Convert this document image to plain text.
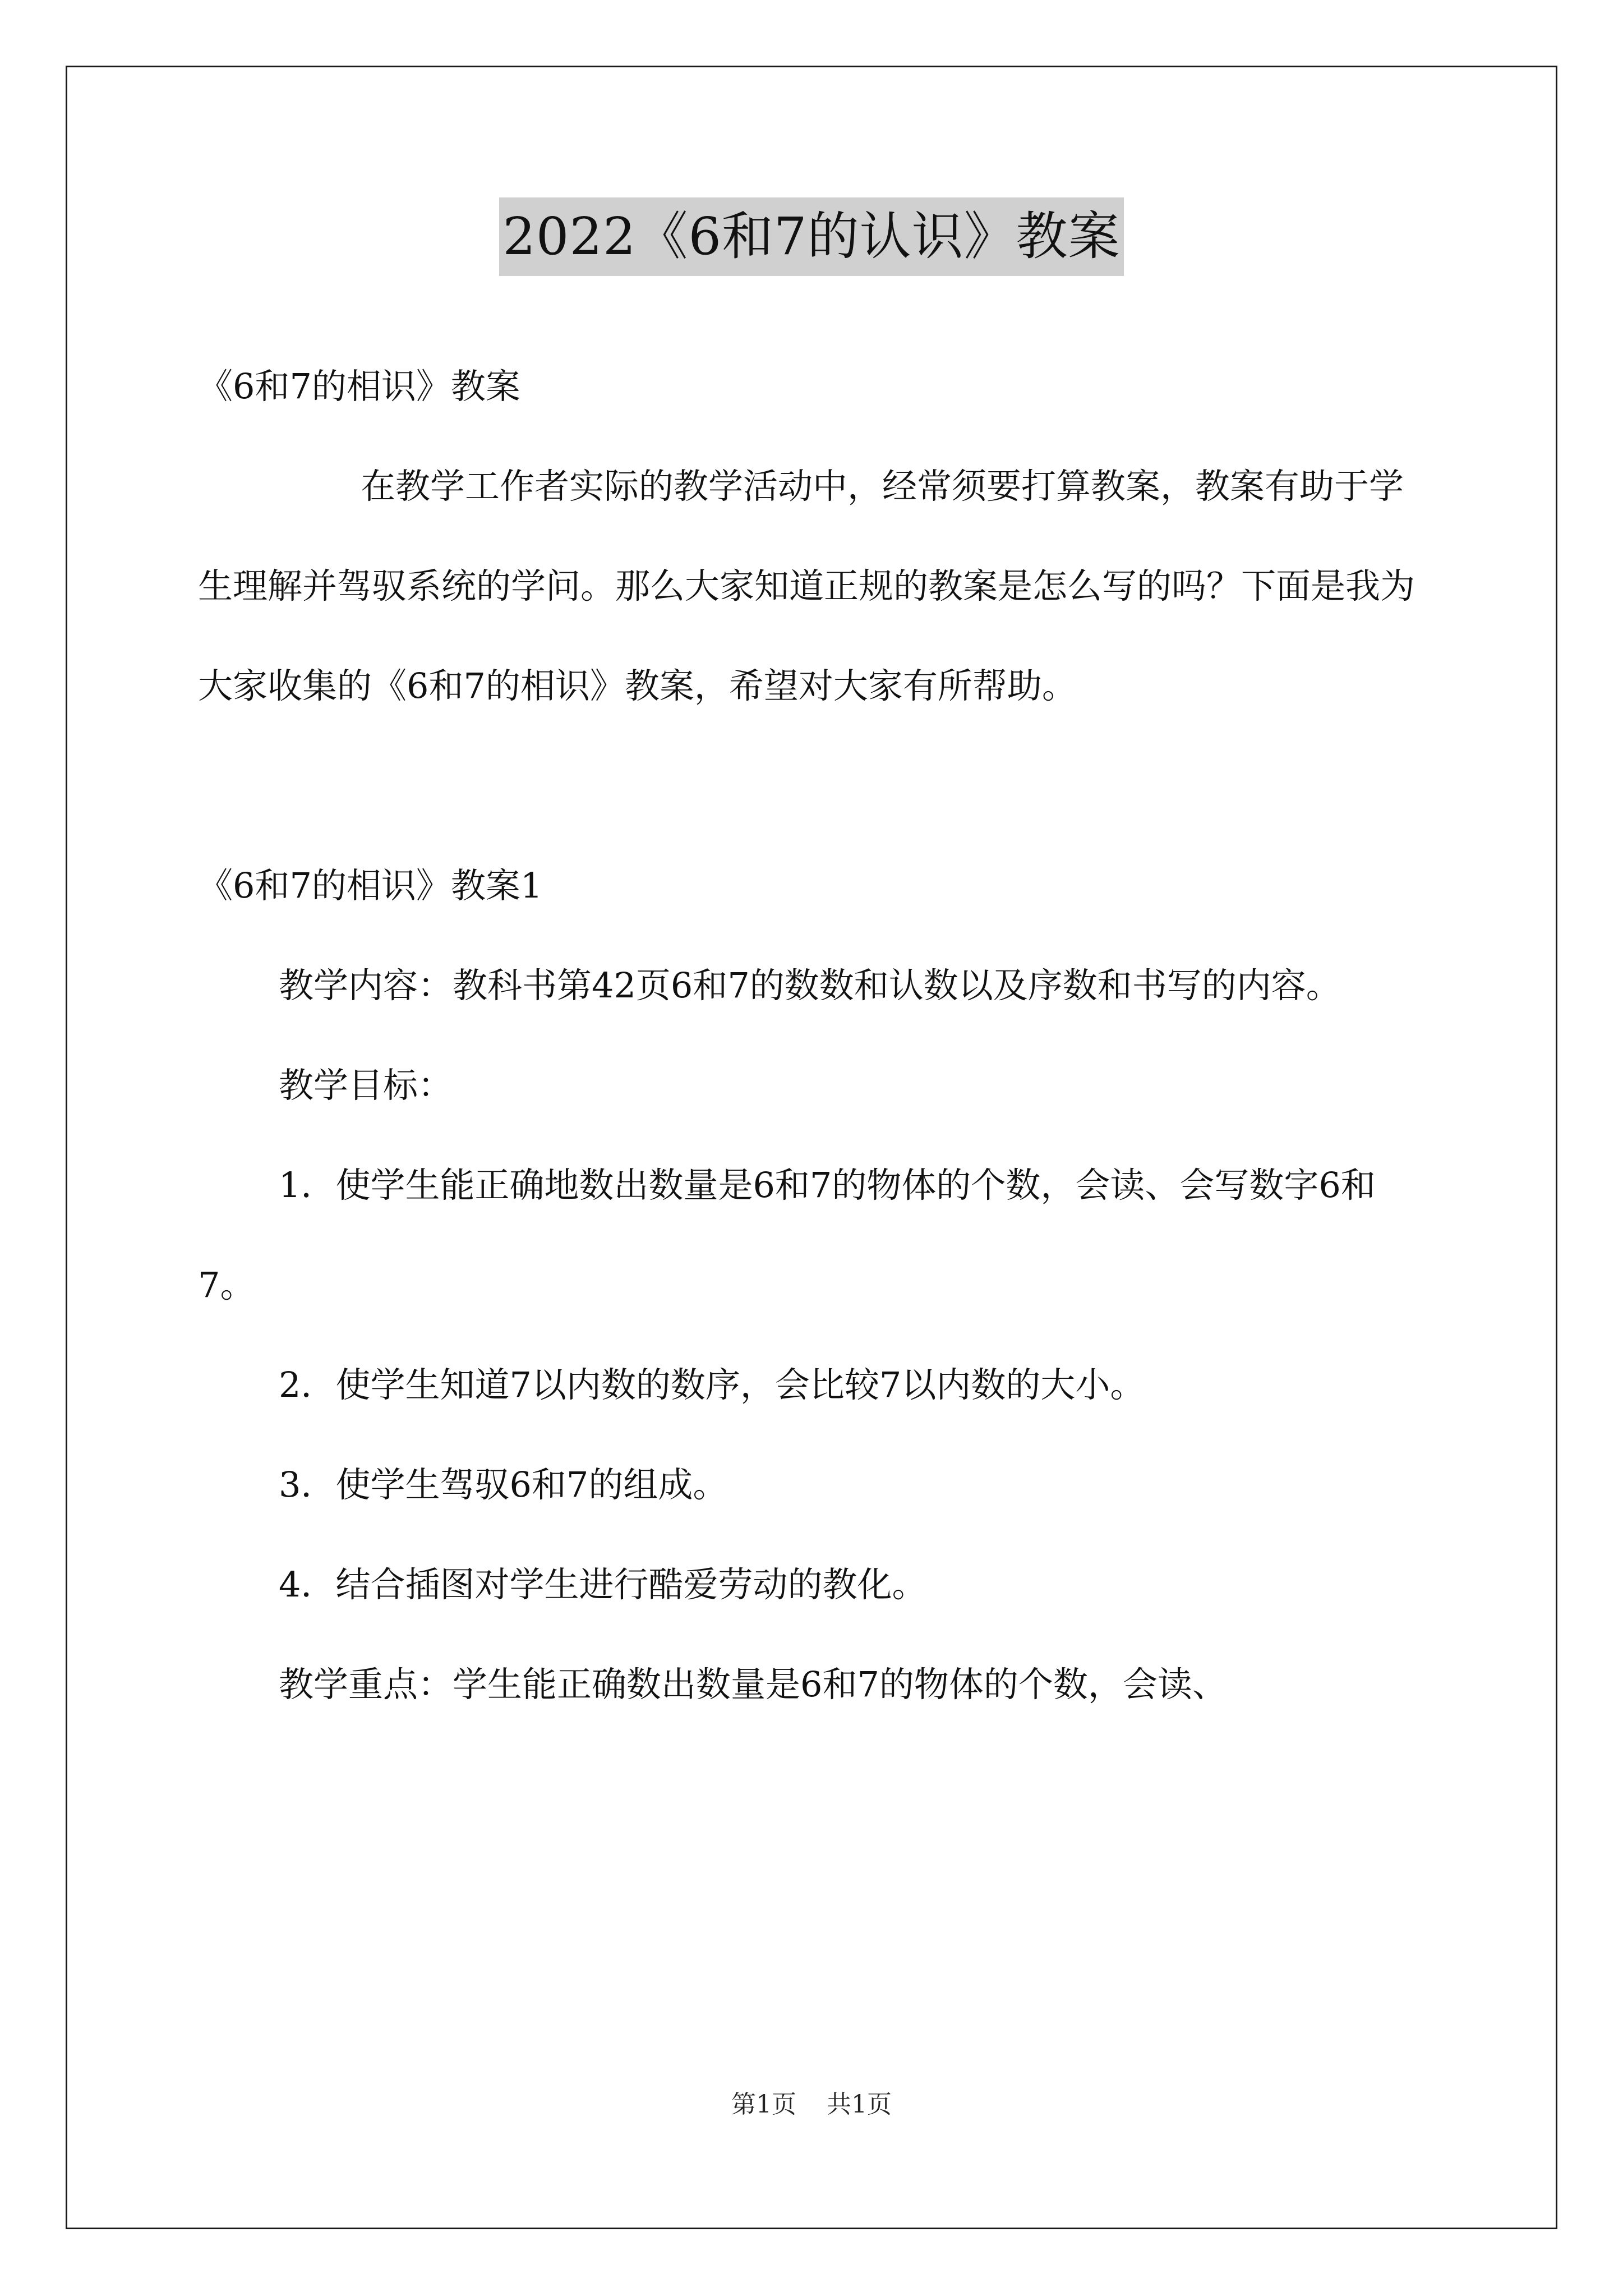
2022《6和7的认识》教案

《6和7的相识》教案

在教学工作者实际的教学活动中，经常须要打算教案，教案有助于学生理解并驾驭系统的学问。那么大家知道正规的教案是怎么写的吗？下面是我为大家收集的《6和7的相识》教案，希望对大家有所帮助。

《6和7的相识》教案1

教学内容：教科书第42页6和7的数数和认数以及序数和书写的内容。

教学目标：

1．使学生能正确地数出数量是6和7的物体的个数，会读、会写数字6和7。

2．使学生知道7以内数的数序，会比较7以内数的大小。

3．使学生驾驭6和7的组成。

4．结合插图对学生进行酷爱劳动的教化。

教学重点：学生能正确数出数量是6和7的物体的个数，会读、

第1页 共1页
